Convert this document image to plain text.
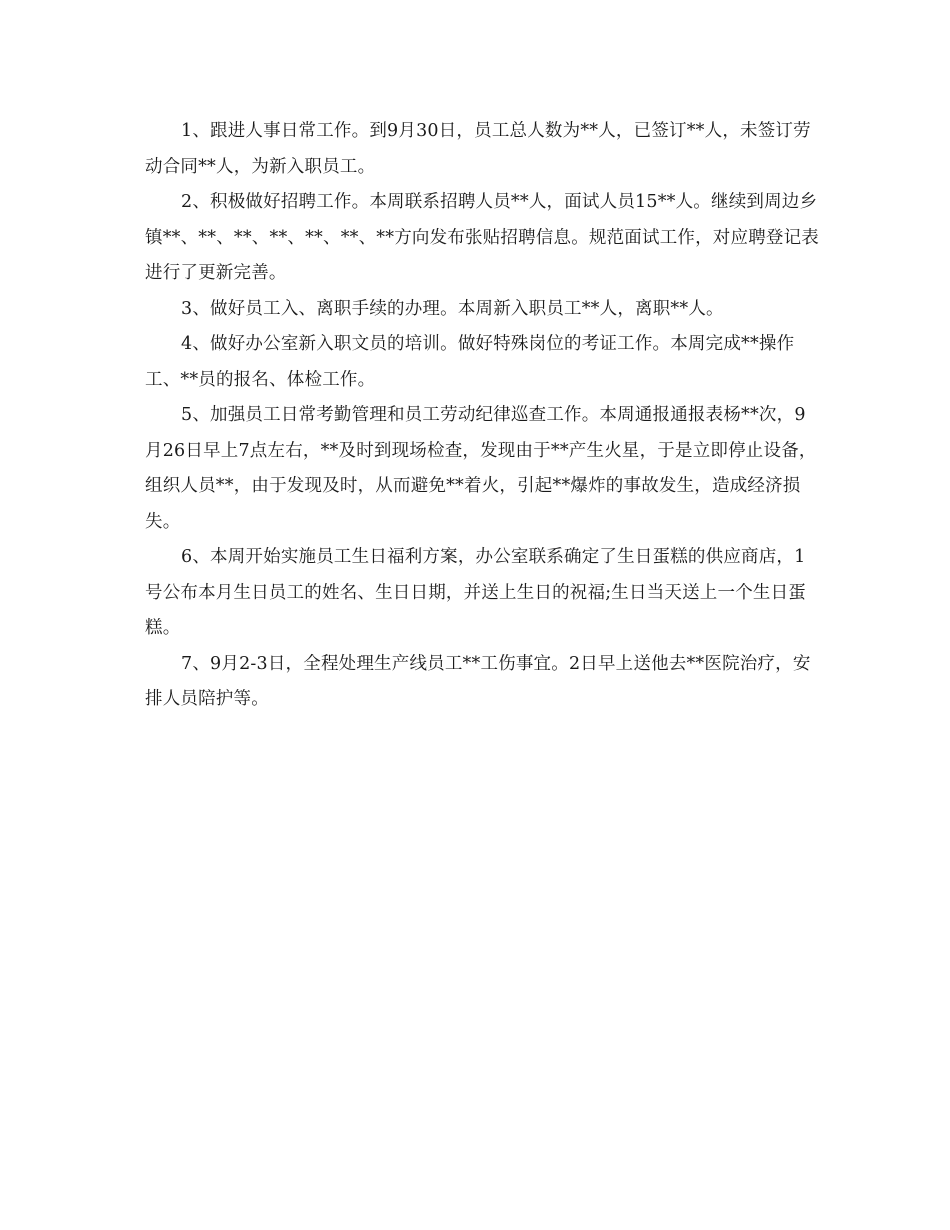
1、跟进人事日常工作。到9月30日，员工总人数为**人，已签订**人，未签订劳动合同**人，为新入职员工。

2、积极做好招聘工作。本周联系招聘人员**人，面试人员15**人。继续到周边乡镇**、**、**、**、**、**、**方向发布张贴招聘信息。规范面试工作，对应聘登记表进行了更新完善。

3、做好员工入、离职手续的办理。本周新入职员工**人，离职**人。

4、做好办公室新入职文员的培训。做好特殊岗位的考证工作。本周完成**操作工、**员的报名、体检工作。

5、加强员工日常考勤管理和员工劳动纪律巡查工作。本周通报通报表杨**次，9月26日早上7点左右，**及时到现场检查，发现由于**产生火星，于是立即停止设备，组织人员**，由于发现及时，从而避免**着火，引起**爆炸的事故发生，造成经济损失。

6、本周开始实施员工生日福利方案，办公室联系确定了生日蛋糕的供应商店，1号公布本月生日员工的姓名、生日日期，并送上生日的祝福;生日当天送上一个生日蛋糕。

7、9月2-3日，全程处理生产线员工**工伤事宜。2日早上送他去**医院治疗，安排人员陪护等。
